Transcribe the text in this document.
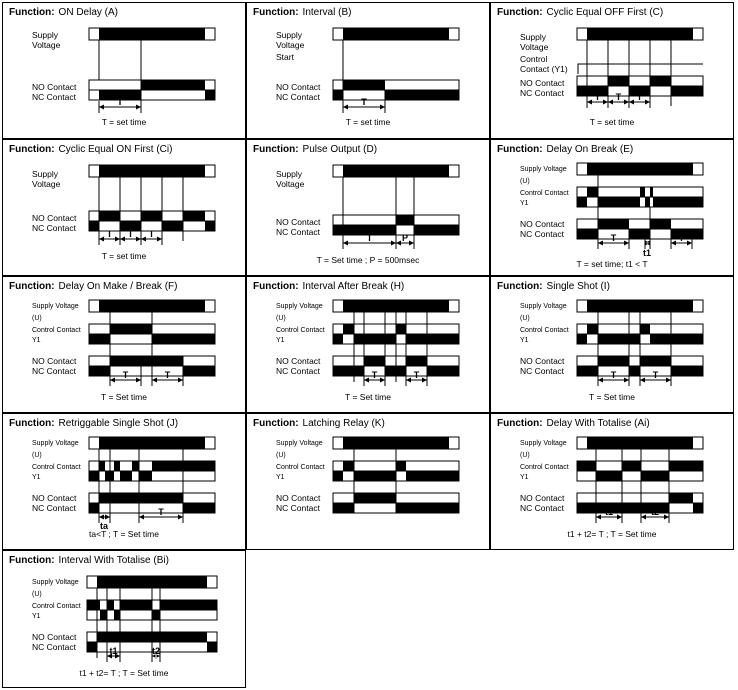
Function: ON Delay (A)
Supply
Voltage
NO Contact
NC Contact	T
T = set time
Function: Interval (B)
Supply
Voltage
Start
NO Contact
NC Contact	T
T = set time
Function: Cyclic Equal OFF First (C)
Supply
Voltage
Control
Contact (Y1)
NO Contact
NC Contact	T T T
T = set time
Function: Cyclic Equal ON First (Ci)
Supply
Voltage
NO Contact
NC Contact
T T T
T = set time
Function: Pulse Output (D)
Supply
Voltage
NO Contact
NC Contact
T	P
T = Set time ; P = 500msec
Function: Delay On Break (E)
Supply Voltage
(U)
Control Contact
Y1
NO Contact
NC Contact	T	T
t1
T = set time; t1 < T
Function: Delay On Make / Break (F)
Supply Voltage
(U)
Control Contact
Y1
NO Contact
NC Contact	T	T
T = Set time
Function: Interval After Break (H)
Supply Voltage
(U)
Control Contact
Y1
NO Contact
NC Contact	T	T
T = Set time
Function: Single Shot (I)
Supply Voltage
(U)
Control Contact
Y1
NO Contact
NC Contact	T	T
T = Set time
Function: Retriggable Single Shot (J)
Supply Voltage
(U)
Control Contact
Y1
NO Contact
NC Contact	T
ta
ta<T ; T = Set time
Function: Latching Relay (K)
Supply Voltage
(U)
Control Contact
Y1
NO Contact
NC Contact
Function: Delay With Totalise (Ai)
Supply Voltage
(U)
Control Contact
Y1
NO Contact
NC Contact	t1	t2
t1 + t2= T ; T = Set time
Function: Interval With Totalise (Bi)
Supply Voltage
(U)
Control Contact
Y1
NO Contact
NC Contact	t1	t2
t1 + t2= T ; T = Set time
